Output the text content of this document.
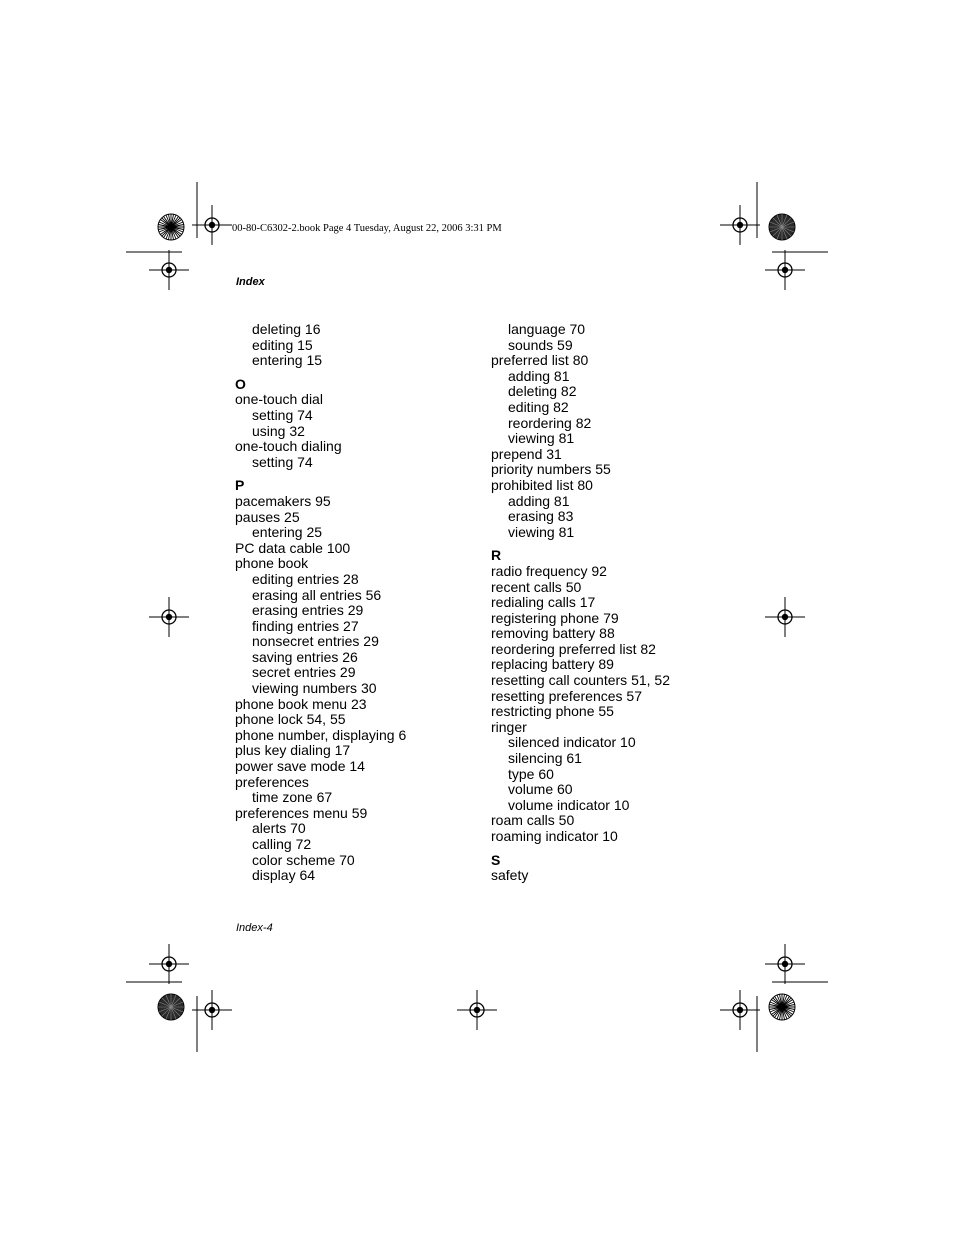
00-80-C6302-2.book Page 4 Tuesday, August 22, 2006 3:31 PM
Index
deleting 16
editing 15
entering 15
O
one-touch dial
setting 74
using 32
one-touch dialing
setting 74
P
pacemakers 95
pauses 25
entering 25
PC data cable 100
phone book
editing entries 28
erasing all entries 56
erasing entries 29
finding entries 27
nonsecret entries 29
saving entries 26
secret entries 29
viewing numbers 30
phone book menu 23
phone lock 54, 55
phone number, displaying 6
plus key dialing 17
power save mode 14
preferences
time zone 67
preferences menu 59
alerts 70
calling 72
color scheme 70
display 64
language 70
sounds 59
preferred list 80
adding 81
deleting 82
editing 82
reordering 82
viewing 81
prepend 31
priority numbers 55
prohibited list 80
adding 81
erasing 83
viewing 81
R
radio frequency 92
recent calls 50
redialing calls 17
registering phone 79
removing battery 88
reordering preferred list 82
replacing battery 89
resetting call counters 51, 52
resetting preferences 57
restricting phone 55
ringer
silenced indicator 10
silencing 61
type 60
volume 60
volume indicator 10
roam calls 50
roaming indicator 10
S
safety
Index-4
